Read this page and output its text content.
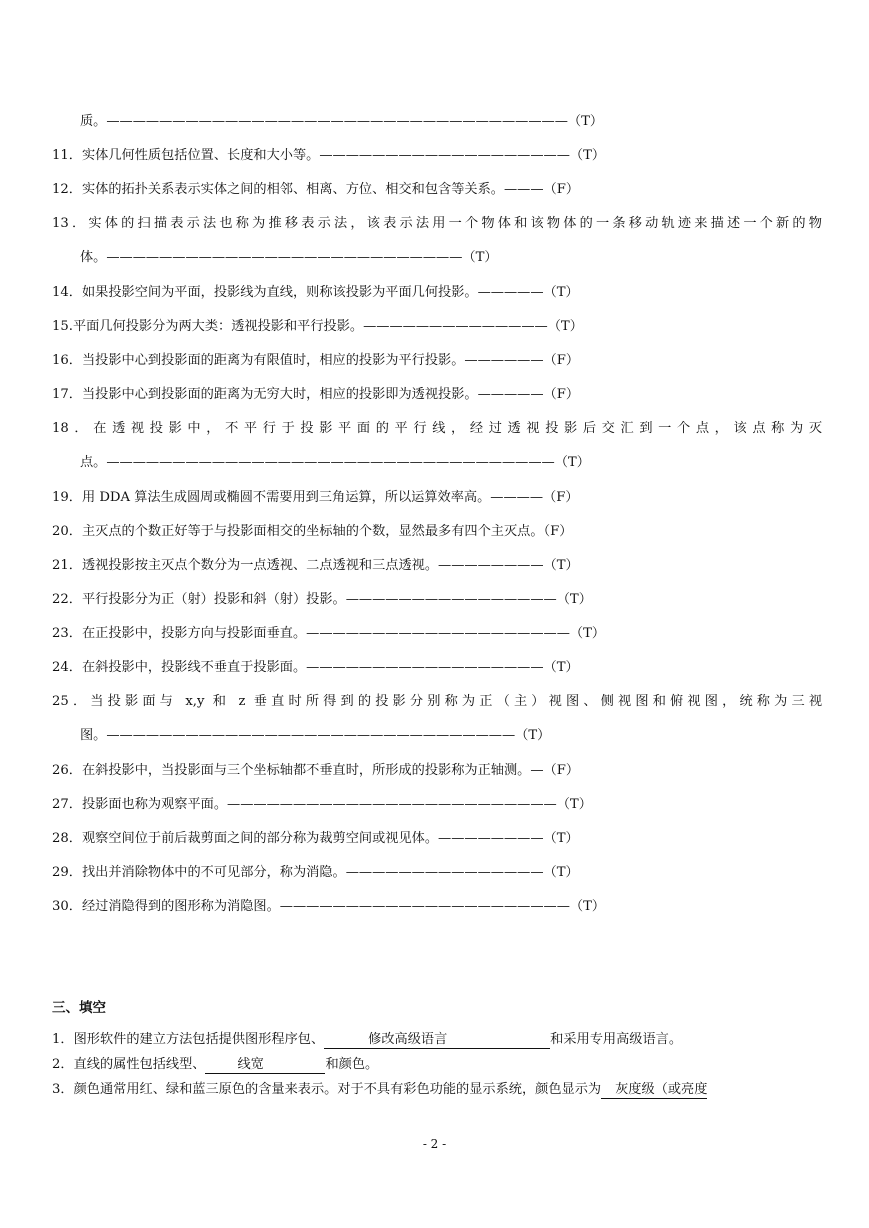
质。———————————————————————————————————（T）
11．实体几何性质包括位置、长度和大小等。———————————————————（T）
12．实体的拓扑关系表示实体之间的相邻、相离、方位、相交和包含等关系。———（F）
13．实体的扫描表示法也称为推移表示法，该表示法用一个物体和该物体的一条移动轨迹来描述一个新的物
体。———————————————————————————（T）
14．如果投影空间为平面，投影线为直线，则称该投影为平面几何投影。—————（T）
15.平面几何投影分为两大类：透视投影和平行投影。——————————————（T）
16．当投影中心到投影面的距离为有限值时，相应的投影为平行投影。——————（F）
17．当投影中心到投影面的距离为无穷大时，相应的投影即为透视投影。—————（F）
18．在透视投影中，不平行于投影平面的平行线，经过透视投影后交汇到一个点，该点称为灭
点。——————————————————————————————————（T）
19．用 DDA 算法生成圆周或椭圆不需要用到三角运算，所以运算效率高。————（F）
20．主灭点的个数正好等于与投影面相交的坐标轴的个数，显然最多有四个主灭点。（F）
21．透视投影按主灭点个数分为一点透视、二点透视和三点透视。————————（T）
22．平行投影分为正（射）投影和斜（射）投影。————————————————（T）
23．在正投影中，投影方向与投影面垂直。————————————————————（T）
24．在斜投影中，投影线不垂直于投影面。——————————————————（T）
25．当投影面与 x,y 和 z 垂直时所得到的投影分别称为正（主）视图、侧视图和俯视图，统称为三视
图。———————————————————————————————（T）
26．在斜投影中，当投影面与三个坐标轴都不垂直时，所形成的投影称为正轴测。—（F）
27．投影面也称为观察平面。—————————————————————————（T）
28．观察空间位于前后裁剪面之间的部分称为裁剪空间或视见体。————————（T）
29．找出并消除物体中的不可见部分，称为消隐。———————————————（T）
30．经过消隐得到的图形称为消隐图。——————————————————————（T）
三、填空
1．图形软件的建立方法包括提供图形程序包、	修改高级语言	和采用专用高级语言。
2．直线的属性包括线型、 线宽	和颜色。
3．颜色通常用红、绿和蓝三原色的含量来表示。对于不具有彩色功能的显示系统，颜色显示为 灰度级（或亮度
- 2 -
